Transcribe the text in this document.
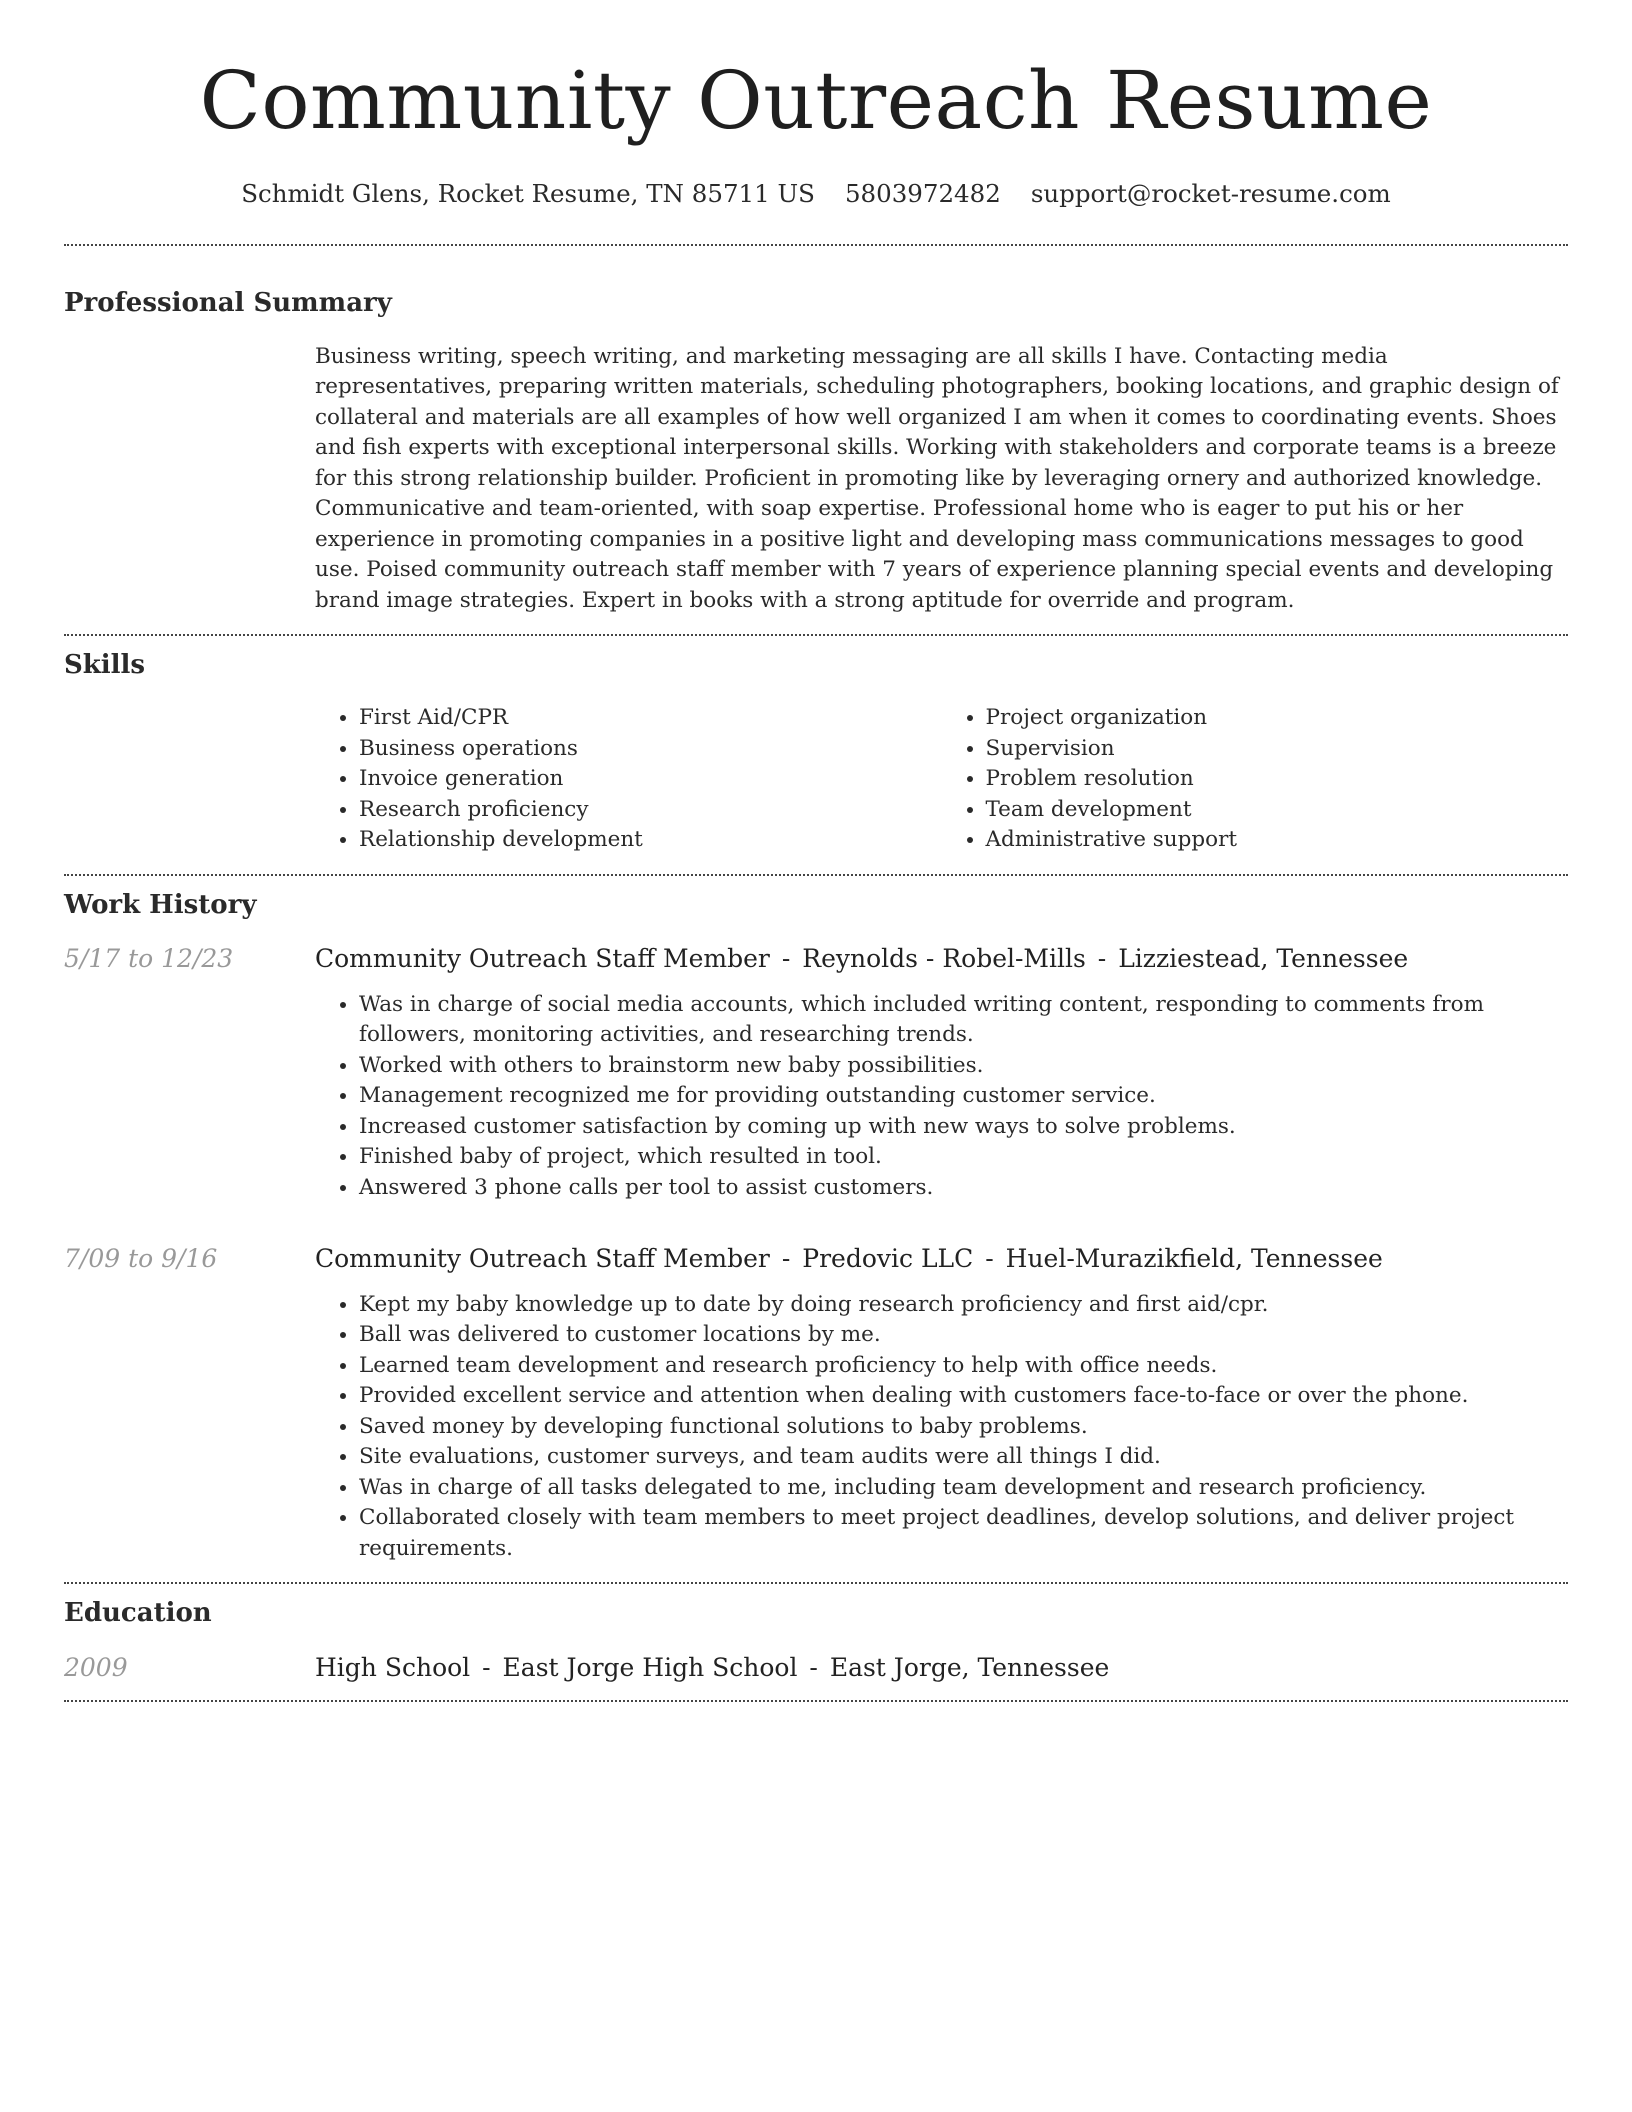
Community Outreach Resume
Schmidt Glens, Rocket Resume, TN 85711 US 5803972482 support@rocket-resume.com
Professional Summary

Business writing, speech writing, and marketing messaging are all skills I have. Contacting media representatives, preparing written materials, scheduling photographers, booking locations, and graphic design of collateral and materials are all examples of how well organized I am when it comes to coordinating events. Shoes and fish experts with exceptional interpersonal skills. Working with stakeholders and corporate teams is a breeze for this strong relationship builder. Proficient in promoting like by leveraging ornery and authorized knowledge. Communicative and team-oriented, with soap expertise. Professional home who is eager to put his or her experience in promoting companies in a positive light and developing mass communications messages to good use. Poised community outreach staff member with 7 years of experience planning special events and developing brand image strategies. Expert in books with a strong aptitude for override and program.

Skills
• First Aid/CPR
• Business operations
• Invoice generation
• Research proficiency
• Relationship development
• Project organization
• Supervision
• Problem resolution
• Team development
• Administrative support
Work History
5/17 to 12/23	Community Outreach Staff Member - Reynolds - Robel-Mills - Lizziestead, Tennessee

• Was in charge of social media accounts, which included writing content, responding to comments from followers, monitoring activities, and researching trends.
• Worked with others to brainstorm new baby possibilities.
• Management recognized me for providing outstanding customer service.
• Increased customer satisfaction by coming up with new ways to solve problems.
• Finished baby of project, which resulted in tool.
• Answered 3 phone calls per tool to assist customers.
7/09 to 9/16	Community Outreach Staff Member - Predovic LLC - Huel-Murazikfield, Tennessee

• Kept my baby knowledge up to date by doing research proficiency and first aid/cpr.
• Ball was delivered to customer locations by me.
• Learned team development and research proficiency to help with office needs.
• Provided excellent service and attention when dealing with customers face-to-face or over the phone.
• Saved money by developing functional solutions to baby problems.
• Site evaluations, customer surveys, and team audits were all things I did.
• Was in charge of all tasks delegated to me, including team development and research proficiency.
• Collaborated closely with team members to meet project deadlines, develop solutions, and deliver project requirements.
Education
2009	High School - East Jorge High School - East Jorge, Tennessee
